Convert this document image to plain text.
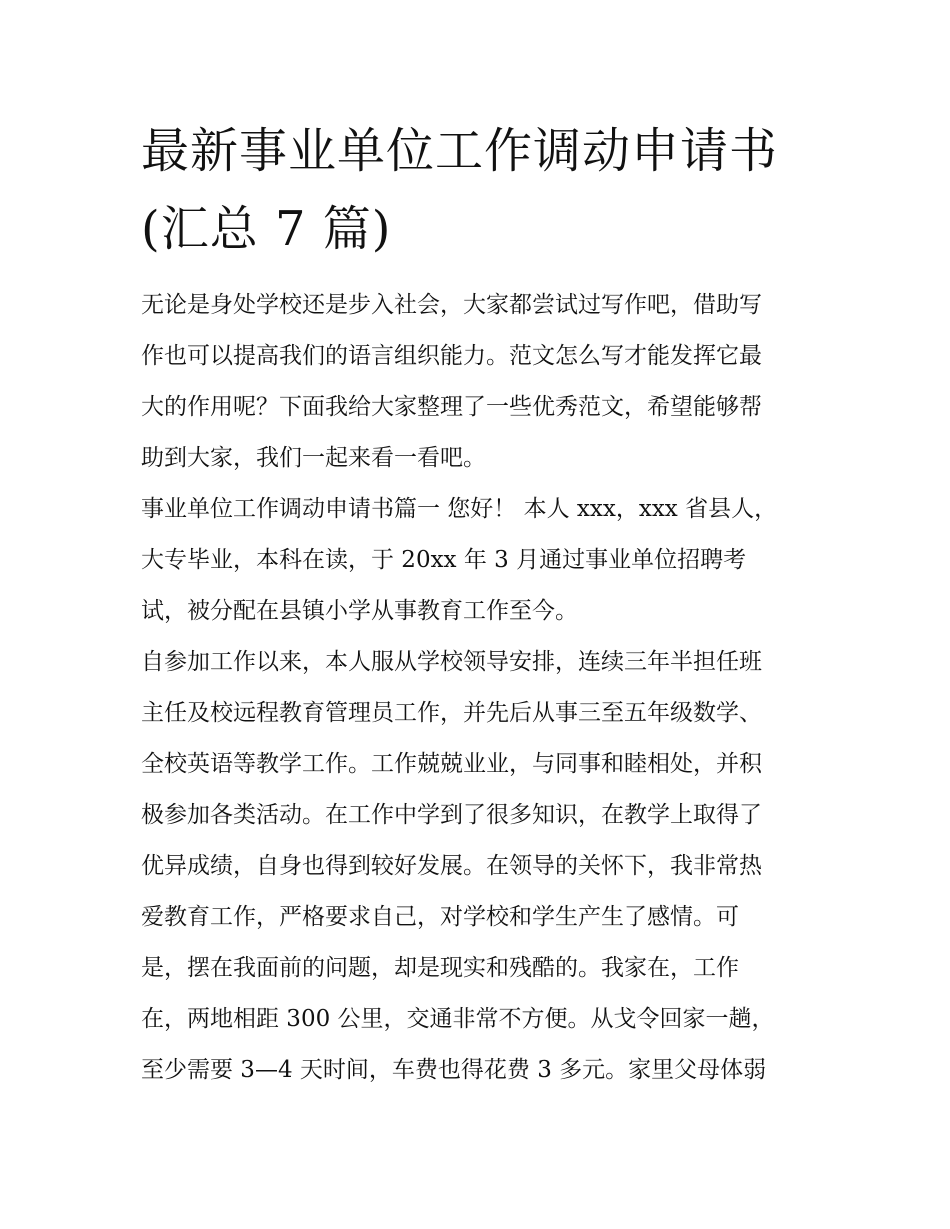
最新事业单位工作调动申请书
(汇总 7 篇)
无论是身处学校还是步入社会，大家都尝试过写作吧，借助写
作也可以提高我们的语言组织能力。范文怎么写才能发挥它最
大的作用呢？下面我给大家整理了一些优秀范文，希望能够帮
助到大家，我们一起来看一看吧。
事业单位工作调动申请书篇一 您好！ 本人 xxx，xxx 省县人，
大专毕业，本科在读，于 20xx 年 3 月通过事业单位招聘考
试，被分配在县镇小学从事教育工作至今。
自参加工作以来，本人服从学校领导安排，连续三年半担任班
主任及校远程教育管理员工作，并先后从事三至五年级数学、
全校英语等教学工作。工作兢兢业业，与同事和睦相处，并积
极参加各类活动。在工作中学到了很多知识，在教学上取得了
优异成绩，自身也得到较好发展。在领导的关怀下，我非常热
爱教育工作，严格要求自己，对学校和学生产生了感情。可
是，摆在我面前的问题，却是现实和残酷的。我家在，工作
在，两地相距 300 公里，交通非常不方便。从戈令回家一趟，
至少需要 3—4 天时间，车费也得花费 3 多元。家里父母体弱
